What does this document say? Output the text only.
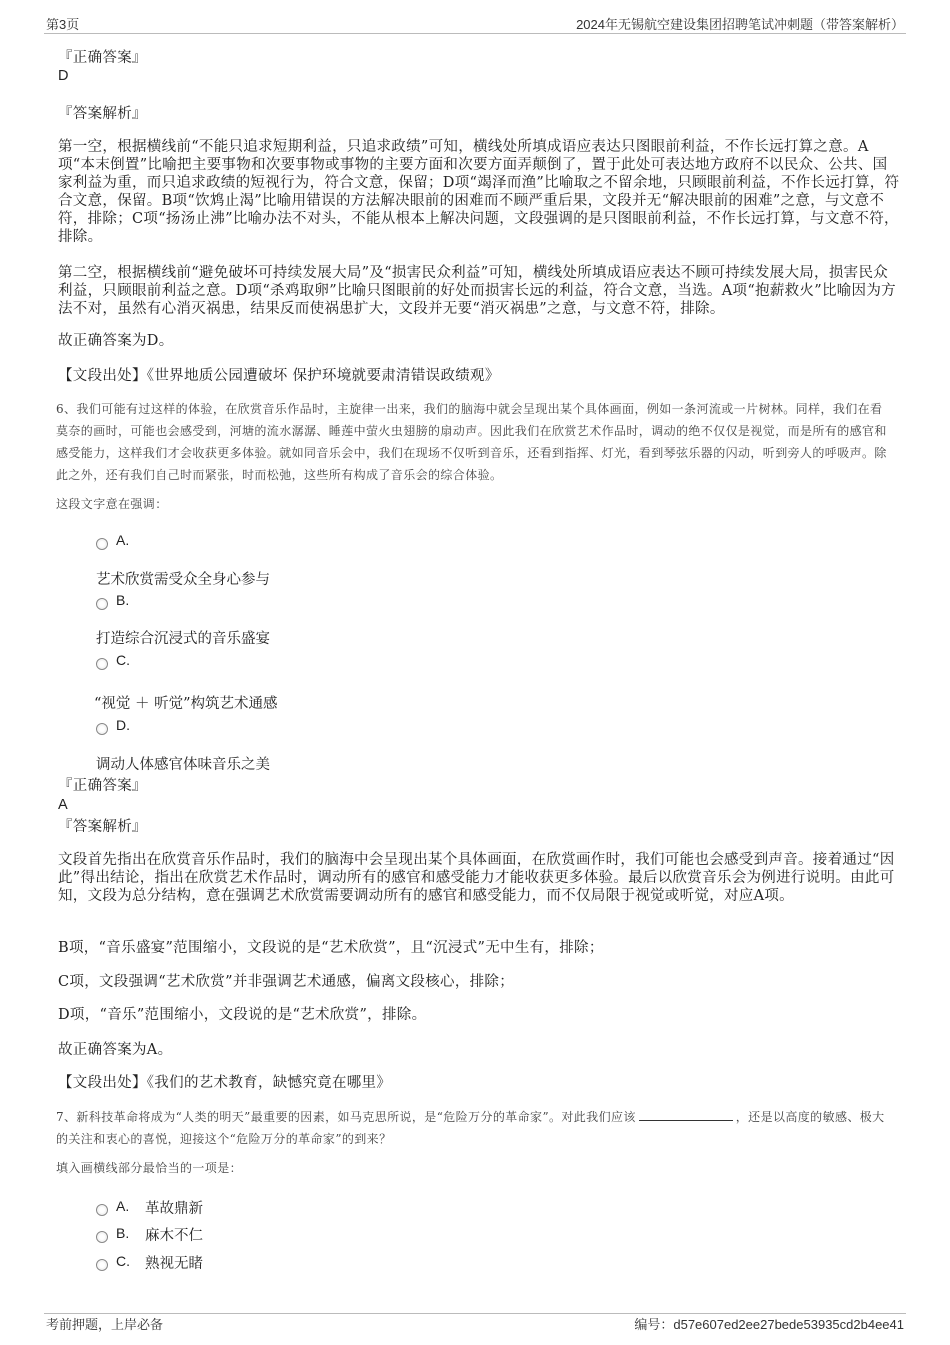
第3页	2024年无锡航空建设集团招聘笔试冲刺题（带答案解析）
『正确答案』
D
『答案解析』
第一空，根据横线前“不能只追求短期利益，只追求政绩”可知，横线处所填成语应表达只图眼前利益，不作长远打算之意。A项“本末倒置”比喻把主要事物和次要事物或事物的主要方面和次要方面弄颠倒了，置于此处可表达地方政府不以民众、公共、国家利益为重，而只追求政绩的短视行为，符合文意，保留；D项“竭泽而渔”比喻取之不留余地，只顾眼前利益，不作长远打算，符合文意，保留。B项“饮鸩止渴”比喻用错误的方法解决眼前的困难而不顾严重后果，文段并无“解决眼前的困难”之意，与文意不符，排除；C项“扬汤止沸”比喻办法不对头，不能从根本上解决问题，文段强调的是只图眼前利益，不作长远打算，与文意不符，排除。
第二空，根据横线前“避免破坏可持续发展大局”及“损害民众利益”可知，横线处所填成语应表达不顾可持续发展大局，损害民众利益，只顾眼前利益之意。D项“杀鸡取卵”比喻只图眼前的好处而损害长远的利益，符合文意，当选。A项“抱薪救火”比喻因为方法不对，虽然有心消灭祸患，结果反而使祸患扩大，文段并无要“消灭祸患”之意，与文意不符，排除。
故正确答案为D。
【文段出处】《世界地质公园遭破坏 保护环境就要肃清错误政绩观》
6、我们可能有过这样的体验，在欣赏音乐作品时，主旋律一出来，我们的脑海中就会呈现出某个具体画面，例如一条河流或一片树林。同样，我们在看莫奈的画时，可能也会感受到，河塘的流水潺潺、睡莲中萤火虫翅膀的扇动声。因此我们在欣赏艺术作品时，调动的绝不仅仅是视觉，而是所有的感官和感受能力，这样我们才会收获更多体验。就如同音乐会中，我们在现场不仅听到音乐，还看到指挥、灯光，看到琴弦乐器的闪动，听到旁人的呼吸声。除此之外，还有我们自己时而紧张，时而松弛，这些所有构成了音乐会的综合体验。
这段文字意在强调：
A.
艺术欣赏需受众全身心参与
B.
打造综合沉浸式的音乐盛宴
C.
“视觉 ＋ 听觉”构筑艺术通感
D.
调动人体感官体味音乐之美
『正确答案』
A
『答案解析』
文段首先指出在欣赏音乐作品时，我们的脑海中会呈现出某个具体画面，在欣赏画作时，我们可能也会感受到声音。接着通过“因此”得出结论，指出在欣赏艺术作品时，调动所有的感官和感受能力才能收获更多体验。最后以欣赏音乐会为例进行说明。由此可知，文段为总分结构，意在强调艺术欣赏需要调动所有的感官和感受能力，而不仅局限于视觉或听觉，对应A项。
B项，“音乐盛宴”范围缩小，文段说的是“艺术欣赏”，且“沉浸式”无中生有，排除；
C项，文段强调“艺术欣赏”并非强调艺术通感，偏离文段核心，排除；
D项，“音乐”范围缩小，文段说的是“艺术欣赏”，排除。
故正确答案为A。
【文段出处】《我们的艺术教育，缺憾究竟在哪里》
7、新科技革命将成为“人类的明天”最重要的因素，如马克思所说，是“危险万分的革命家”。对此我们应该	，还是以高度的敏感、极大的关注和衷心的喜悦，迎接这个“危险万分的革命家”的到来？
填入画横线部分最恰当的一项是：
A. 革故鼎新
B. 麻木不仁
C. 熟视无睹
考前押题，上岸必备	编号：d57e607ed2ee27bede53935cd2b4ee41
